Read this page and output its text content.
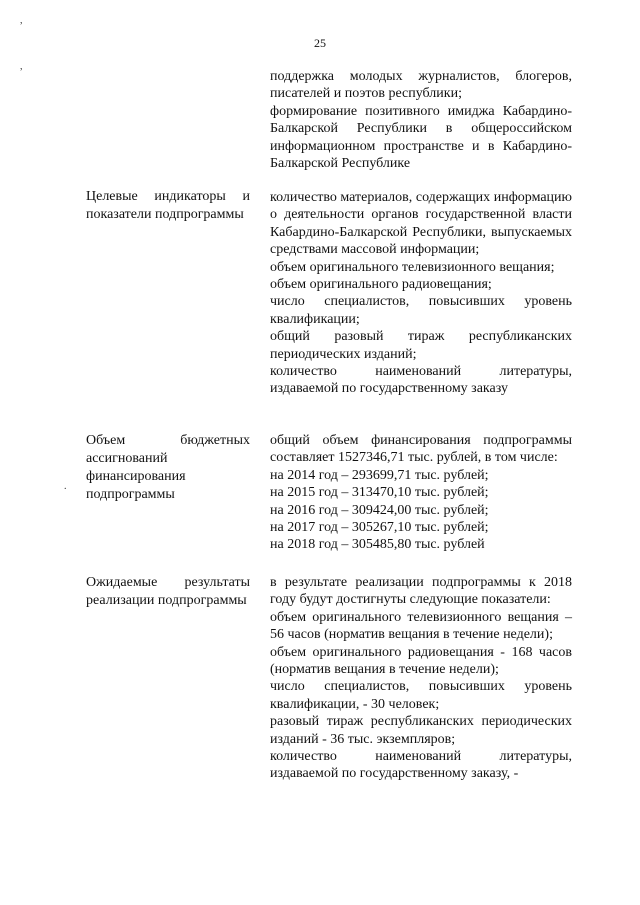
,
,
.
25
поддержка молодых журналистов, блогеров, писателей и поэтов республики;
формирование позитивного имиджа Кабардино-Балкарской Республики в общероссийском информационном пространстве и в Кабардино-Балкарской Республике
Целевые индикаторы и показатели подпрограммы
количество материалов, содержащих информацию о деятельности органов государственной власти Кабардино-Балкарской Республики, выпускаемых средствами массовой информации;
объем оригинального телевизионного вещания;
объем оригинального радиовещания;
число специалистов, повысивших уровень квалификации;
общий разовый тираж республиканских периодических изданий;
количество наименований литературы, издаваемой по государственному заказу
Объем бюджетных ассигнований финансирования подпрограммы
общий объем финансирования подпрограммы составляет 1527346,71 тыс. рублей, в том числе:
на 2014 год – 293699,71 тыс. рублей;
на 2015 год – 313470,10 тыс. рублей;
на 2016 год – 309424,00 тыс. рублей;
на 2017 год – 305267,10 тыс. рублей;
на 2018 год – 305485,80 тыс. рублей
Ожидаемые результаты реализации подпрограммы
в результате реализации подпрограммы к 2018 году будут достигнуты следующие показатели:
объем оригинального телевизионного вещания – 56 часов (норматив вещания в течение недели);
объем оригинального радиовещания - 168 часов (норматив вещания в течение недели);
число специалистов, повысивших уровень квалификации, - 30 человек;
разовый тираж республиканских периодических изданий - 36 тыс. экземпляров;
количество наименований литературы, издаваемой по государственному заказу, -
